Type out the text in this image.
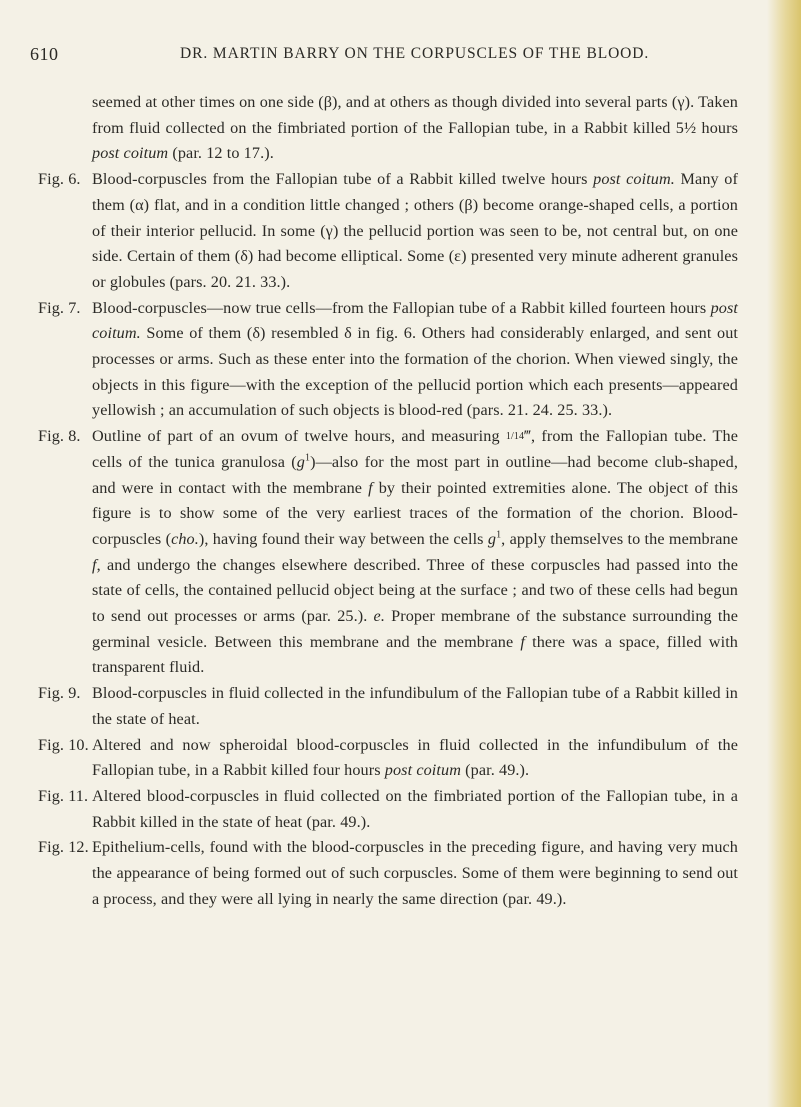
610	DR. MARTIN BARRY ON THE CORPUSCLES OF THE BLOOD.
seemed at other times on one side (β), and at others as though divided into several parts (γ). Taken from fluid collected on the fimbriated portion of the Fallopian tube, in a Rabbit killed 5½ hours post coitum (par. 12 to 17.).
Fig. 6. Blood-corpuscles from the Fallopian tube of a Rabbit killed twelve hours post coitum. Many of them (α) flat, and in a condition little changed ; others (β) become orange-shaped cells, a portion of their interior pellucid. In some (γ) the pellucid portion was seen to be, not central but, on one side. Certain of them (δ) had become elliptical. Some (ε) presented very minute adherent granules or globules (pars. 20. 21. 33.).
Fig. 7. Blood-corpuscles—now true cells—from the Fallopian tube of a Rabbit killed fourteen hours post coitum. Some of them (δ) resembled δ in fig. 6. Others had considerably enlarged, and sent out processes or arms. Such as these enter into the formation of the chorion. When viewed singly, the objects in this figure—with the exception of the pellucid portion which each presents—appeared yellowish ; an accumulation of such objects is blood-red (pars. 21. 24. 25. 33.).
Fig. 8. Outline of part of an ovum of twelve hours, and measuring 1/14‴, from the Fallopian tube. The cells of the tunica granulosa $(g^1)—also$ for the most part in outline—had become club-shaped, and were in contact with the membrane f by their pointed extremities alone. The object of this figure is to show some of the very earliest traces of the formation of the chorion. Blood-corpuscles (cho.), having found their way between the cells $g^1$, apply themselves to the membrane f, and undergo the changes elsewhere described. Three of these corpuscles had passed into the state of cells, the contained pellucid object being at the surface ; and two of these cells had begun to send out processes or arms (par. 25.). e. Proper membrane of the substance surrounding the germinal vesicle. Between this membrane and the membrane f there was a space, filled with transparent fluid.
Fig. 9. Blood-corpuscles in fluid collected in the infundibulum of the Fallopian tube of a Rabbit killed in the state of heat.
Fig. 10. Altered and now spheroidal blood-corpuscles in fluid collected in the infundibulum of the Fallopian tube, in a Rabbit killed four hours post coitum (par. 49.).
Fig. 11. Altered blood-corpuscles in fluid collected on the fimbriated portion of the Fallopian tube, in a Rabbit killed in the state of heat (par. 49.).
Fig. 12. Epithelium-cells, found with the blood-corpuscles in the preceding figure, and having very much the appearance of being formed out of such corpuscles. Some of them were beginning to send out a process, and they were all lying in nearly the same direction (par. 49.).
